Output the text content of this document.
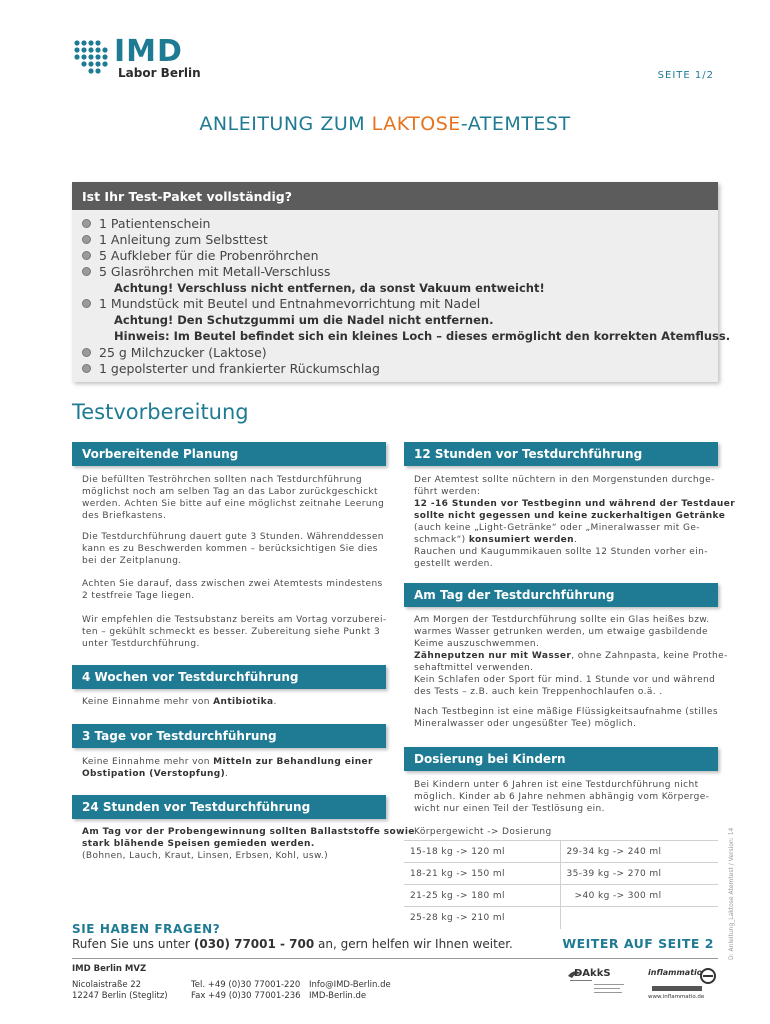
IMD
Labor Berlin	SEITE 1/2
ANLEITUNG ZUM LAKTOSE-ATEMTEST
Ist Ihr Test-Paket vollständig?
1 Patientenschein
1 Anleitung zum Selbsttest
5 Aufkleber für die Probenröhrchen
5 Glasröhrchen mit Metall-Verschluss
Achtung! Verschluss nicht entfernen, da sonst Vakuum entweicht!
1 Mundstück mit Beutel und Entnahmevorrichtung mit Nadel
Achtung! Den Schutzgummi um die Nadel nicht entfernen.
Hinweis: Im Beutel befindet sich ein kleines Loch – dieses ermöglicht den korrekten Atemfluss.
25 g Milchzucker (Laktose)
1 gepolsterter und frankierter Rückumschlag
Testvorbereitung
Vorbereitende Planung
Die befüllten Teströhrchen sollten nach Testdurchführung
möglichst noch am selben Tag an das Labor zurückgeschickt
werden. Achten Sie bitte auf eine möglichst zeitnahe Leerung
des Briefkastens.
Die Testdurchführung dauert gute 3 Stunden. Währenddessen
kann es zu Beschwerden kommen – berücksichtigen Sie dies
bei der Zeitplanung.
Achten Sie darauf, dass zwischen zwei Atemtests mindestens
2 testfreie Tage liegen.
Wir empfehlen die Testsubstanz bereits am Vortag vorzuberei-
ten – gekühlt schmeckt es besser. Zubereitung siehe Punkt 3
unter Testdurchführung.
4 Wochen vor Testdurchführung
Keine Einnahme mehr von Antibiotika.
3 Tage vor Testdurchführung
Keine Einnahme mehr von Mitteln zur Behandlung einer
Obstipation (Verstopfung).
24 Stunden vor Testdurchführung
Am Tag vor der Probengewinnung sollten Ballaststoffe sowie
stark blähende Speisen gemieden werden.
(Bohnen, Lauch, Kraut, Linsen, Erbsen, Kohl, usw.)
12 Stunden vor Testdurchführung
Der Atemtest sollte nüchtern in den Morgenstunden durchge-
führt werden:
12 -16 Stunden vor Testbeginn und während der Testdauer
sollte nicht gegessen und keine zuckerhaltigen Getränke
(auch keine „Light-Getränke“ oder „Mineralwasser mit Ge-
schmack“) konsumiert werden.
Rauchen und Kaugummikauen sollte 12 Stunden vorher ein-
gestellt werden.
Am Tag der Testdurchführung
Am Morgen der Testdurchführung sollte ein Glas heißes bzw.
warmes Wasser getrunken werden, um etwaige gasbildende
Keime auszuschwemmen.
Zähneputzen nur mit Wasser, ohne Zahnpasta, keine Prothe-
sehaftmittel verwenden.
Kein Schlafen oder Sport für mind. 1 Stunde vor und während
des Tests – z.B. auch kein Treppenhochlaufen o.ä. .
Nach Testbeginn ist eine mäßige Flüssigkeitsaufnahme (stilles
Mineralwasser oder ungesüßter Tee) möglich.
Dosierung bei Kindern
Bei Kindern unter 6 Jahren ist eine Testdurchführung nicht
möglich. Kinder ab 6 Jahre nehmen abhängig vom Körperge-
wicht nur einen Teil der Testlösung ein.
Körpergewicht -> Dosierung
15-18 kg -> 120 ml	29-34 kg -> 240 ml
18-21 kg -> 150 ml	35-39 kg -> 270 ml
21-25 kg -> 180 ml	>40 kg -> 300 ml
25-28 kg -> 210 ml		D: Anleitung_Laktose Atemtest / Version: 14
SIE HABEN FRAGEN?
Rufen Sie uns unter (030) 77001 - 700 an, gern helfen wir Ihnen weiter.	WEITER AUF SEITE 2
IMD Berlin MVZ
Nicolaistraße 22
12247 Berlin (Steglitz)
Tel. +49 (0)30 77001-220
Fax +49 (0)30 77001-236
Info@IMD-Berlin.de
IMD-Berlin.de
DAkkS	inflammatio
www.inflammatio.de
